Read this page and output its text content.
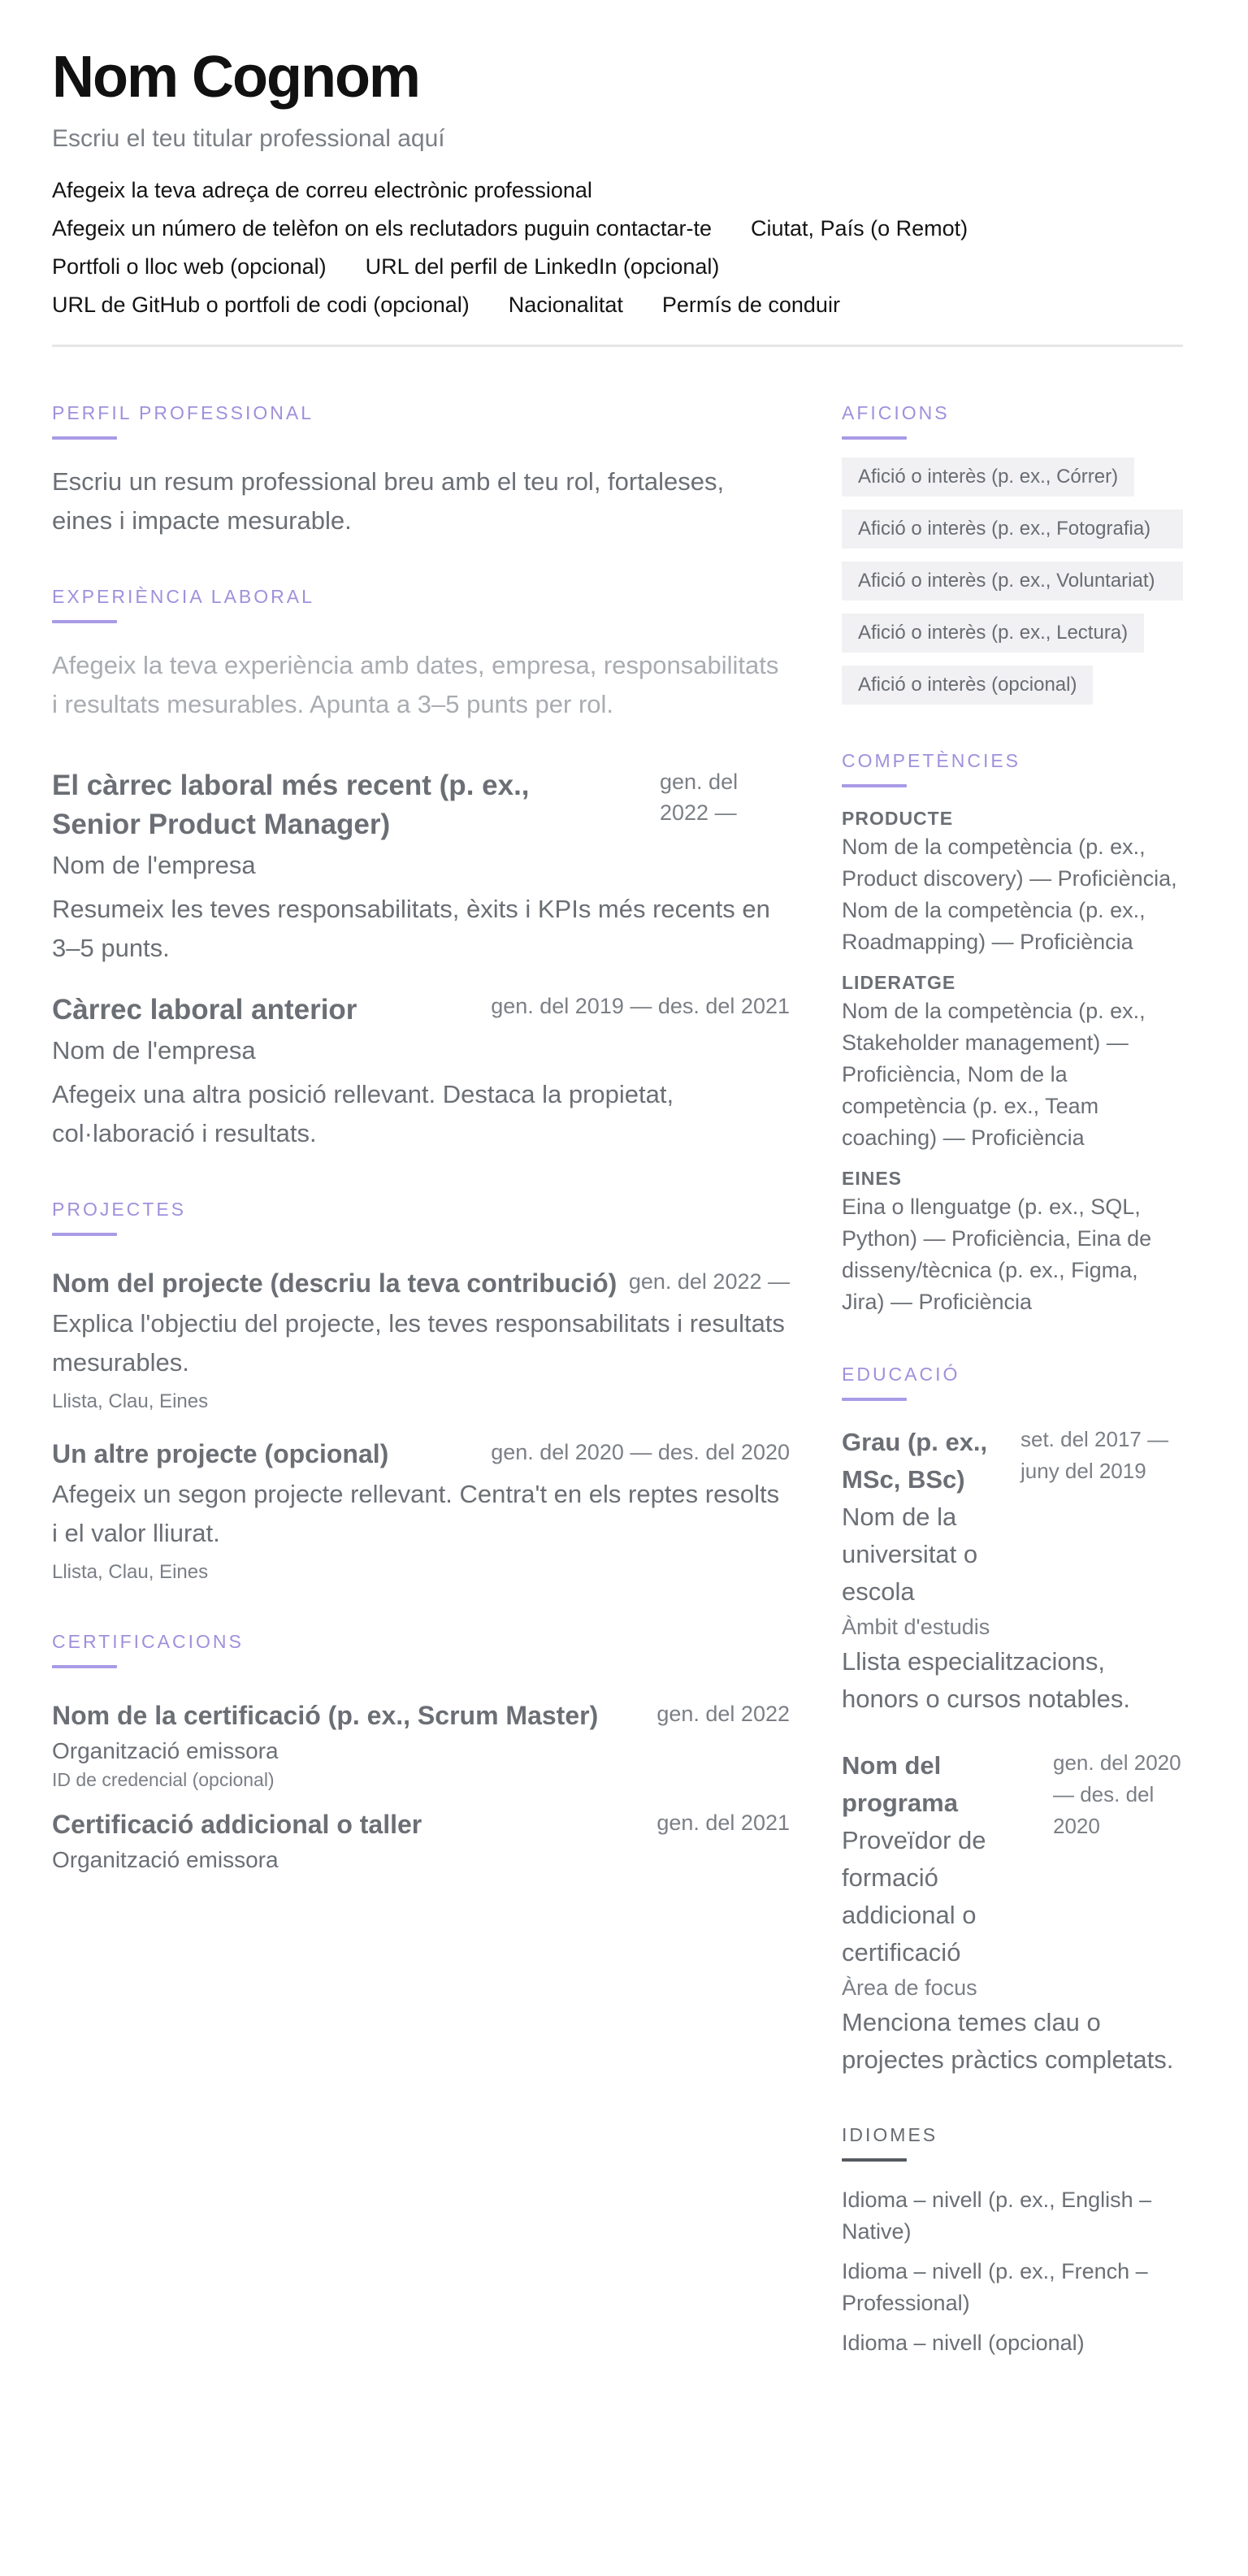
Nom Cognom
Escriu el teu titular professional aquí
Afegeix la teva adreça de correu electrònic professional
Afegeix un número de telèfon on els reclutadors puguin contactar-te Ciutat, País (o Remot)
Portfoli o lloc web (opcional) URL del perfil de LinkedIn (opcional)
URL de GitHub o portfoli de codi (opcional) Nacionalitat Permís de conduir
PERFIL PROFESSIONAL

Escriu un resum professional breu amb el teu rol, fortaleses, eines i impacte mesurable.

EXPERIÈNCIA LABORAL

Afegeix la teva experiència amb dates, empresa, responsabilitats i resultats mesurables. Apunta a 3–5 punts per rol.

El càrrec laboral més recent (p. ex., Senior Product Manager)
gen. del 2022 —
Nom de l'empresa
Resumeix les teves responsabilitats, èxits i KPIs més recents en 3–5 punts.
Càrrec laboral anterior	gen. del 2019 — des. del 2021
Nom de l'empresa
Afegeix una altra posició rellevant. Destaca la propietat, col·laboració i resultats.
PROJECTES
Nom del projecte (descriu la teva contribució) gen. del 2022 —
Explica l'objectiu del projecte, les teves responsabilitats i resultats mesurables.
Llista, Clau, Eines
Un altre projecte (opcional)	gen. del 2020 — des. del 2020
Afegeix un segon projecte rellevant. Centra't en els reptes resolts i el valor lliurat.
Llista, Clau, Eines
CERTIFICACIONS
Nom de la certificació (p. ex., Scrum Master)	gen. del 2022
Organització emissora
ID de credencial (opcional)
Certificació addicional o taller	gen. del 2021
Organització emissora
AFICIONS
Afició o interès (p. ex., Córrer)
Afició o interès (p. ex., Fotografia)
Afició o interès (p. ex., Voluntariat)
Afició o interès (p. ex., Lectura)
Afició o interès (opcional)
COMPETÈNCIES
PRODUCTE
Nom de la competència (p. ex., Product discovery) — Proficiència, Nom de la competència (p. ex., Roadmapping) — Proficiència
LIDERATGE
Nom de la competència (p. ex., Stakeholder management) — Proficiència, Nom de la competència (p. ex., Team coaching) — Proficiència
EINES
Eina o llenguatge (p. ex., SQL, Python) — Proficiència, Eina de disseny/tècnica (p. ex., Figma, Jira) — Proficiència
EDUCACIÓ
Grau (p. ex., MSc, BSc)
Nom de la universitat o escola
set. del 2017 — juny del 2019
Àmbit d'estudis
Llista especialitzacions, honors o cursos notables.
Nom del programa
Proveïdor de formació addicional o certificació
gen. del 2020 — des. del 2020
Àrea de focus
Menciona temes clau o projectes pràctics completats.
IDIOMES
Idioma – nivell (p. ex., English – Native)
Idioma – nivell (p. ex., French – Professional)
Idioma – nivell (opcional)
